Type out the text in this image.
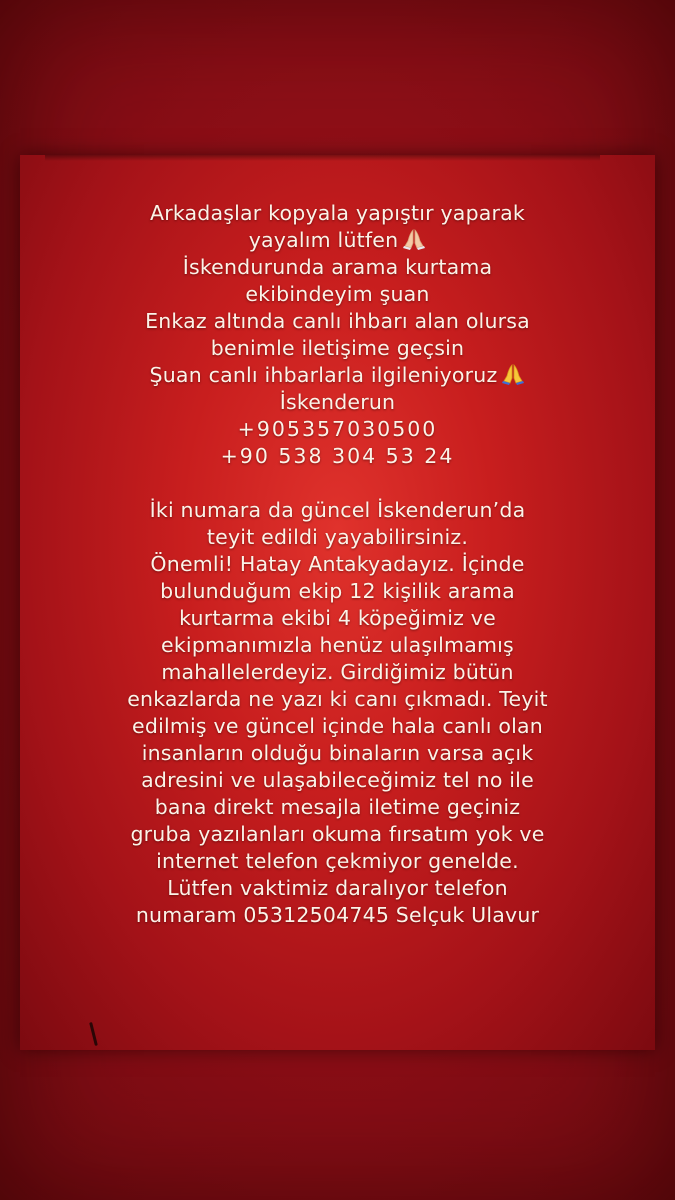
Arkadaşlar kopyala yapıştır yaparak
yayalım lütfen
İskendurunda arama kurtama
ekibindeyim şuan
Enkaz altında canlı ihbarı alan olursa
benimle iletişime geçsin
Şuan canlı ihbarlarla ilgileniyoruz
İskenderun
+905357030500
+90 538 304 53 24
İki numara da güncel İskenderun’da
teyit edildi yayabilirsiniz.
Önemli! Hatay Antakyadayız. İçinde
bulunduğum ekip 12 kişilik arama
kurtarma ekibi 4 köpeğimiz ve
ekipmanımızla henüz ulaşılmamış
mahallelerdeyiz. Girdiğimiz bütün
enkazlarda ne yazı ki canı çıkmadı. Teyit
edilmiş ve güncel içinde hala canlı olan
insanların olduğu binaların varsa açık
adresini ve ulaşabileceğimiz tel no ile
bana direkt mesajla iletime geçiniz
gruba yazılanları okuma fırsatım yok ve
internet telefon çekmiyor genelde.
Lütfen vaktimiz daralıyor telefon
numaram 05312504745 Selçuk Ulavur
